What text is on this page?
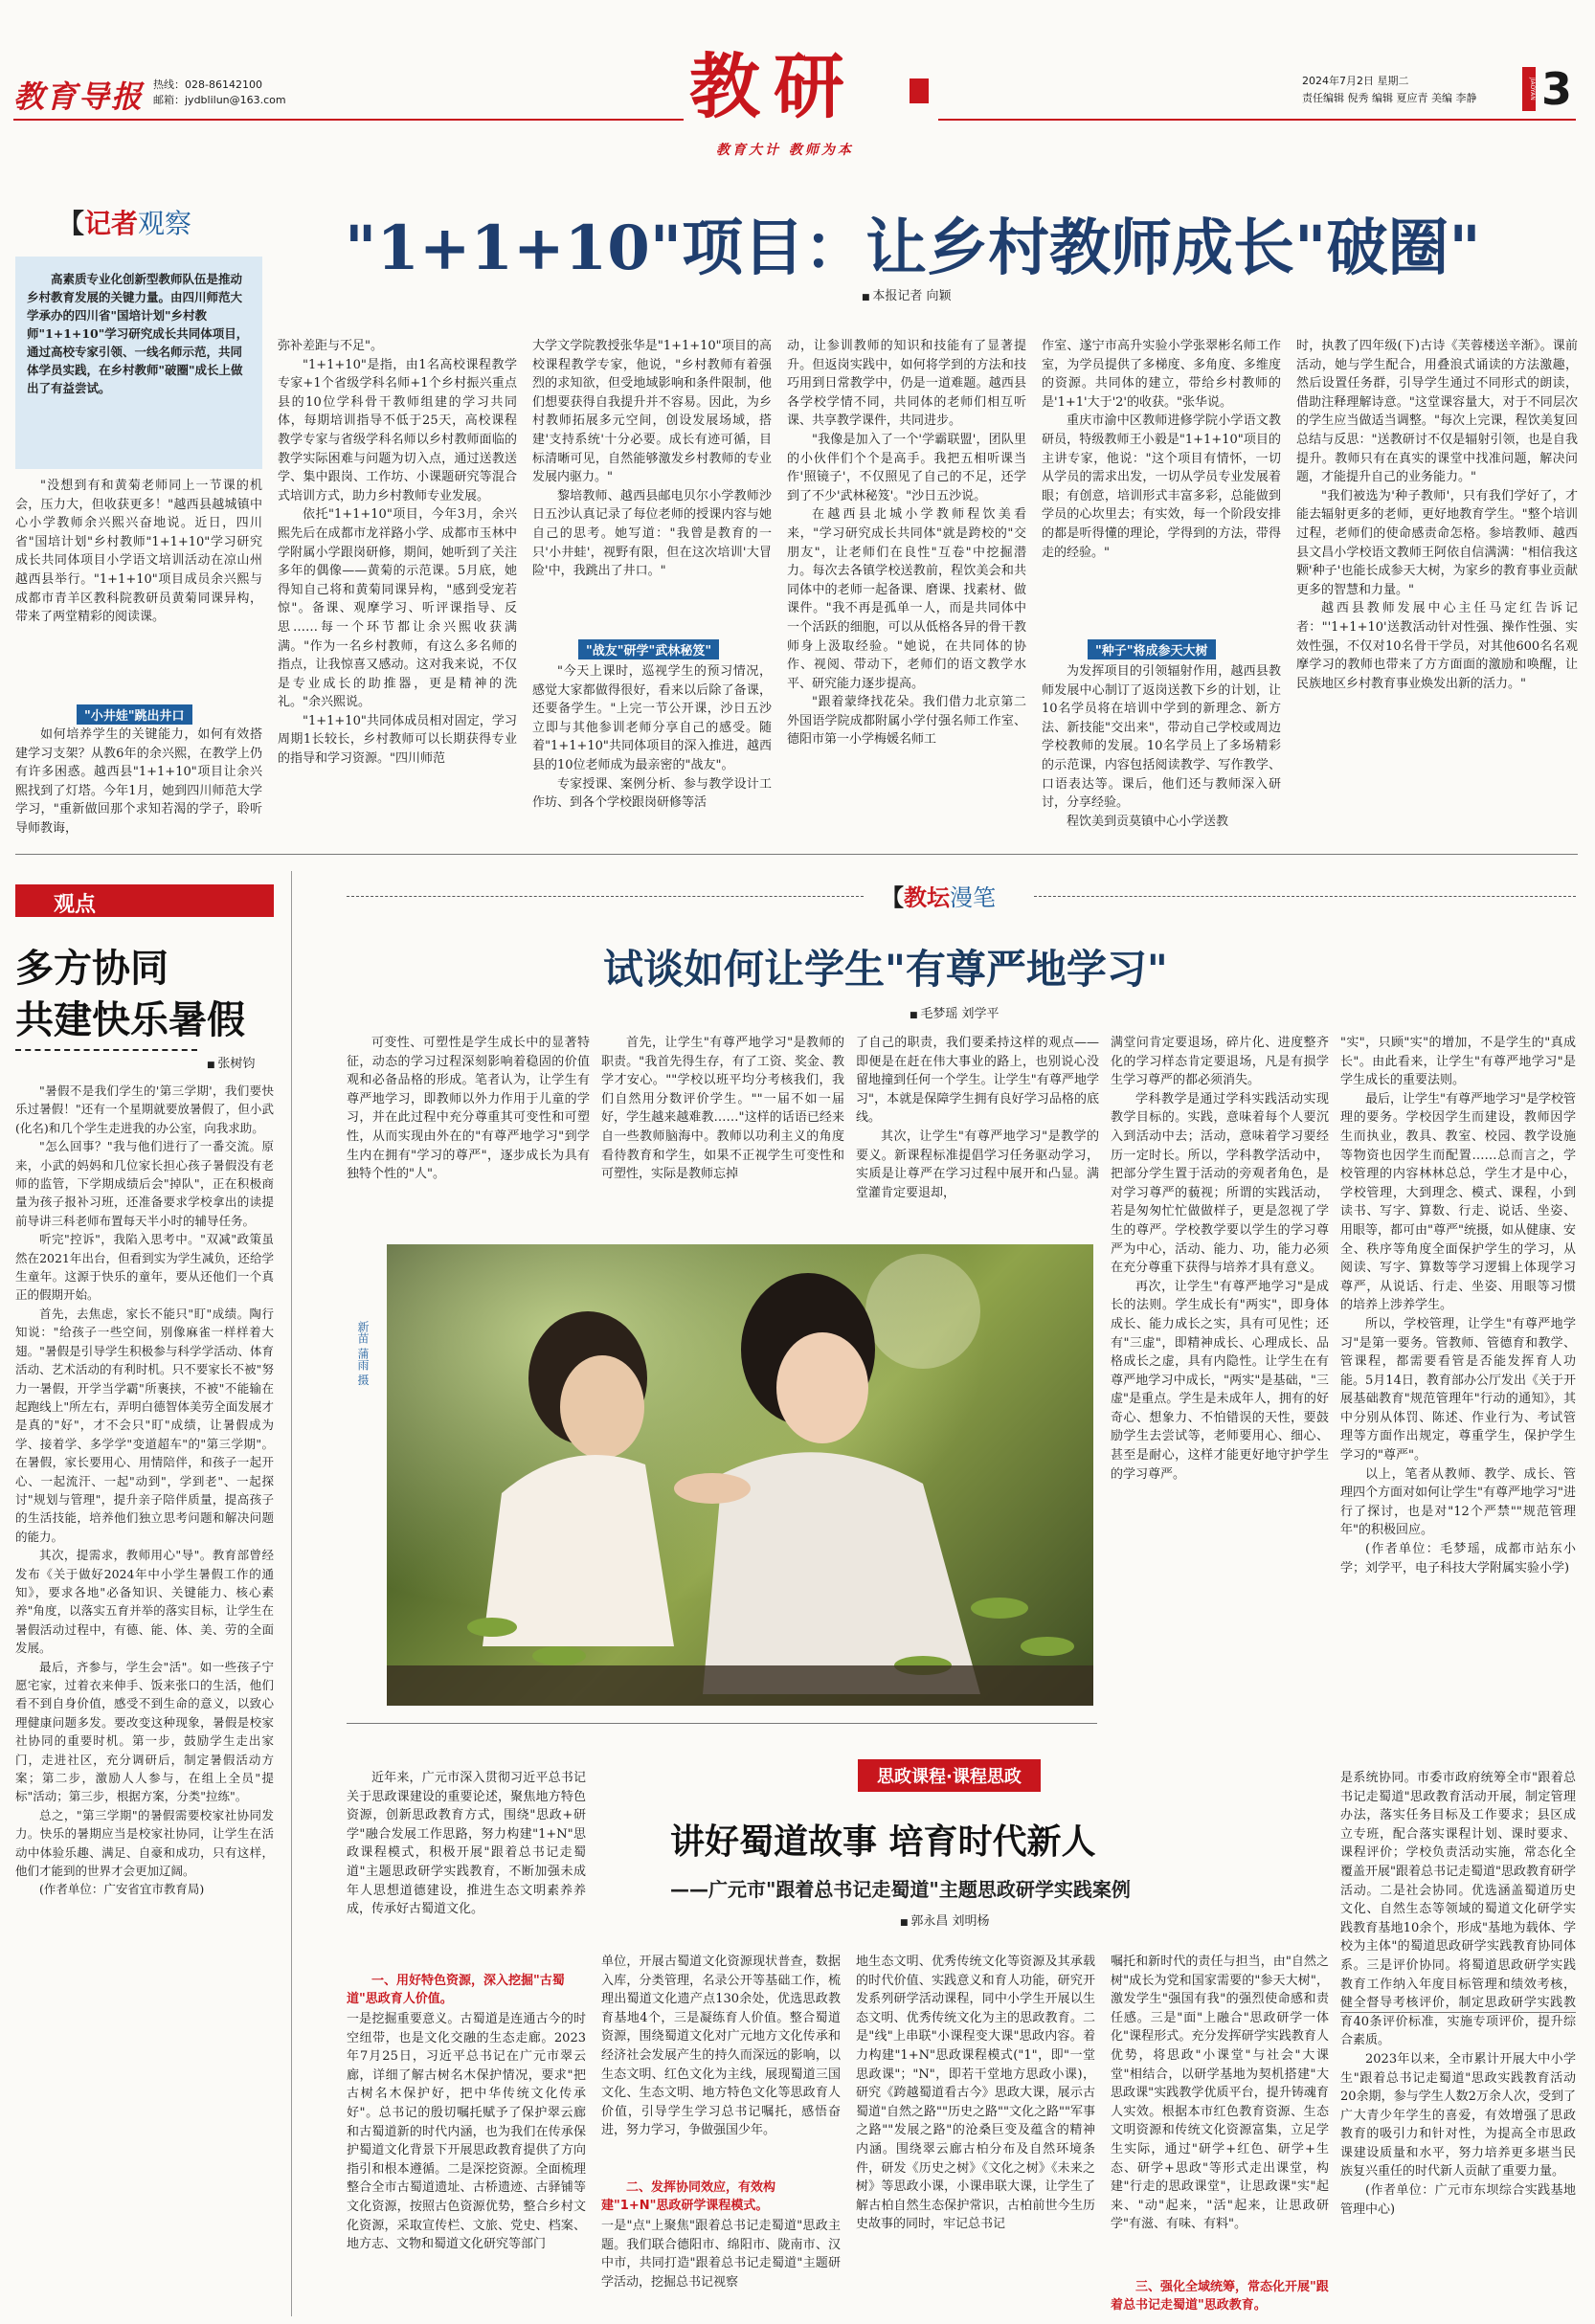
教育导报 热线：028-86142100
邮箱：jydblilun@163.com	教研
教育大计 教师为本
2024年7月2日 星期二
责任编辑 倪秀 编辑 夏应青 美编 李静	JIAOYAN 3
【记者观察
高素质专业化创新型教师队伍是推动乡村教育发展的关键力量。由四川师范大学承办的四川省"国培计划"乡村教师"1+1+10"学习研究成长共同体项目，通过高校专家引领、一线名师示范，共同体学员实践，在乡村教师"破圈"成长上做出了有益尝试。
"1+1+10"项目：让乡村教师成长"破圈"
■ 本报记者 向颖

"没想到有和黄菊老师同上一节课的机会，压力大，但收获更多！"越西县越城镇中心小学教师余兴熙兴奋地说。近日，四川省"国培计划"乡村教师"1+1+10"学习研究成长共同体项目小学语文培训活动在凉山州越西县举行。"1+1+10"项目成员余兴熙与成都市青羊区教科院教研员黄菊同课异构，带来了两堂精彩的阅读课。

"小井娃"跳出井口

如何培养学生的关键能力，如何有效搭建学习支架？从教6年的余兴熙，在教学上仍有许多困惑。越西县"1+1+10"项目让余兴熙找到了灯塔。今年1月，她到四川师范大学学习，"重新做回那个求知若渴的学子，聆听导师教诲，

弥补差距与不足"。

"1+1+10"是指，由1名高校课程教学专家+1个省级学科名师+1个乡村振兴重点县的10位学科骨干教师组建的学习共同体，每期培训指导不低于25天，高校课程教学专家与省级学科名师以乡村教师面临的教学实际困难与问题为切入点，通过送教送学、集中跟岗、工作坊、小课题研究等混合式培训方式，助力乡村教师专业发展。

依托"1+1+10"项目，今年3月，余兴熙先后在成都市龙祥路小学、成都市玉林中学附属小学跟岗研修，期间，她听到了关注多年的偶像——黄菊的示范课。5月底，她得知自己将和黄菊同课异构，"感到受宠若惊"。备课、观摩学习、听评课指导、反思……每一个环节都让余兴熙收获满满。"作为一名乡村教师，有这么多名师的指点，让我惊喜又感动。这对我来说，不仅是专业成长的助推器，更是精神的洗礼。"余兴熙说。

"1+1+10"共同体成员相对固定，学习周期1长较长，乡村教师可以长期获得专业的指导和学习资源。"四川师范

大学文学院教授张华是"1+1+10"项目的高校课程教学专家，他说，"乡村教师有着强烈的求知欲，但受地域影响和条件限制，他们想要获得自我提升并不容易。因此，为乡村教师拓展多元空间，创设发展场域，搭建'支持系统'十分必要。成长有迹可循，目标清晰可见，自然能够激发乡村教师的专业发展内驱力。"

黎培教师、越西县邮电贝尔小学教师沙日五沙认真记录了每位老师的授课内容与她自己的思考。她写道："我曾是教育的一只'小井蛙'，视野有限，但在这次培训'大冒险'中，我跳出了井口。"

"战友"研学"武林秘笈"

"今天上课时，巡视学生的预习情况，感觉大家都做得很好，看来以后除了备课，还要备学生。"上完一节公开课，沙日五沙立即与其他参训老师分享自己的感受。随着"1+1+10"共同体项目的深入推进，越西县的10位老师成为最亲密的"战友"。

专家授课、案例分析、参与教学设计工作坊、到各个学校跟岗研修等活

动，让参训教师的知识和技能有了显著提升。但返岗实践中，如何将学到的方法和技巧用到日常教学中，仍是一道难题。越西县各学校学情不同，共同体的老师们相互听课、共享教学课件，共同进步。

"我像是加入了一个'学霸联盟'，团队里的小伙伴们个个是高手。我把五相听课当作'照镜子'，不仅照见了自己的不足，还学到了不少'武林秘笈'。"沙日五沙说。

在越西县北城小学教师程饮美看来，"学习研究成长共同体"就是跨校的"交朋友"，让老师们在良性"互卷"中挖掘潜力。每次去各镇学校送教前，程饮美会和共同体中的老师一起备课、磨课、找素材、做课件。"我不再是孤单一人，而是共同体中一个活跃的细胞，可以从低格各异的骨干教师身上汲取经验。"她说，在共同体的协作、视阅、带动下，老师们的语文教学水平、研究能力逐步提高。

"跟着蒙绛找花朵。我们借力北京第二外国语学院成都附属小学付强名师工作室、德阳市第一小学梅媛名师工

作室、遂宁市高升实验小学张翠彬名师工作室，为学员提供了多梯度、多角度、多维度的资源。共同体的建立，带给乡村教师的是'1+1'大于'2'的收获。"张华说。

重庆市渝中区教师进修学院小学语文教研员，特级教师王小毅是"1+1+10"项目的主讲专家，他说："这个项目有情怀，一切从学员的需求出发，一切从学员专业发展着眼；有创意，培训形式丰富多彩，总能做到学员的心坎里去；有实效，每一个阶段安排的都是听得懂的理论，学得到的方法，带得走的经验。"

"种子"将成参天大树

为发挥项目的引领辐射作用，越西县教师发展中心制订了返岗送教下乡的计划，让10名学员将在培训中学到的新理念、新方法、新技能"交出来"，带动自己学校或周边学校教师的发展。10名学员上了多场精彩的示范课，内容包括阅读教学、写作教学、口语表达等。课后，他们还与教师深入研讨，分享经验。

程饮美到贡莫镇中心小学送教

时，执教了四年级(下)古诗《芙蓉楼送辛渐》。课前活动，她与学生配合，用叠浪式诵读的方法激趣，然后设置任务群，引导学生通过不同形式的朗读，借助注释理解诗意。"这堂课容量大，对于不同层次的学生应当做适当调整。"每次上完课，程饮美复回总结与反思："送教研讨不仅是辐射引领，也是自我提升。教师只有在真实的课堂中找准问题，解决问题，才能提升自己的业务能力。"

"我们被选为'种子教师'，只有我们学好了，才能去辐射更多的老师，更好地教育学生。"整个培训过程，老师们的使命感责命怎格。参培教师、越西县文昌小学校语文教师王阿依自信满满："相信我这颗'种子'也能长成参天大树，为家乡的教育事业贡献更多的智慧和力量。"

越西县教师发展中心主任马定红告诉记者："'1+1+10'送教活动针对性强、操作性强、实效性强，不仅对10名骨干学员，对其他600名名观摩学习的教师也带来了方方面面的激励和唤醒，让民族地区乡村教育事业焕发出新的活力。"

观点
多方协同
共建快乐暑假
■ 张树钧

"暑假不是我们学生的'第三学期'，我们要快乐过暑假！"还有一个星期就要放暑假了，但小武(化名)和几个学生走进我的办公室，向我求助。

"怎么回事？"我与他们进行了一番交流。原来，小武的妈妈和几位家长担心孩子暑假没有老师的监管，下学期成绩后会"掉队"，正在积极商量为孩子报补习班，还准备要求学校拿出的读提前导讲三科老师布置每天半小时的辅导任务。

听完"控诉"，我陷入思考中。"双减"政策虽然在2021年出台，但看到实为学生减负，还给学生童年。这源于快乐的童年，要从还他们一个真正的假期开始。

首先，去焦虑，家长不能只"盯"成绩。陶行知说："给孩子一些空间，别像麻雀一样样着大翅。"暑假是引导学生积极参与科学学活动、体育活动、艺术活动的有利时机。只不要家长不被"努力一暑假，开学当学霸"所裹挟，不被"不能输在起跑线上"所左右，弄明白德智体美劳全面发展才是真的"好"，才不会只"盯"成绩，让暑假成为学、接着学、多学学"变道超车"的"第三学期"。在暑假，家长要用心、用情陪伴，和孩子一起开心、一起流汗、一起"动到"，学到老"、一起探讨"规划与管理"，提升亲子陪伴质量，提高孩子的生活技能，培养他们独立思考问题和解决问题的能力。

其次，提需求，教师用心"导"。教育部曾经发布《关于做好2024年中小学生暑假工作的通知》，要求各地"必备知识、关键能力、核心素养"角度，以落实五育并举的落实目标，让学生在暑假活动过程中，有德、能、体、美、劳的全面发展。

最后，齐参与，学生会"活"。如一些孩子宁愿宅家，过着衣来伸手、饭来张口的生活，他们看不到自身价值，感受不到生命的意义，以致心理健康问题多发。要改变这种现象，暑假是校家社协同的重要时机。第一步，鼓励学生走出家门，走进社区，充分调研后，制定暑假活动方案；第二步，激励人人参与，在组上全员"提标"活动；第三步，根据方案，分类"拉练"。

总之，"第三学期"的暑假需要校家社协同发力。快乐的暑期应当是校家社协同，让学生在活动中体验乐趣、满足、自豪和成功，只有这样，他们才能到的世界才会更加辽阔。

(作者单位：广安省宜市教育局)

【教坛漫笔
试谈如何让学生"有尊严地学习"
■ 毛梦瑶 刘学平

可变性、可塑性是学生成长中的显著特征，动态的学习过程深刻影响着稳固的价值观和必备品格的形成。笔者认为，让学生有尊严地学习，即教师以外力作用于儿童的学习，并在此过程中充分尊重其可变性和可塑性，从而实现由外在的"有尊严地学习"到学生内在拥有"学习的尊严"，逐步成长为具有独特个性的"人"。

首先，让学生"有尊严地学习"是教师的职责。"我首先得生存，有了工资、奖金、教学才安心。""学校以班平均分考核我们，我们自然用分数评价学生。""一届不如一届好，学生越来越难教……"这样的话语已经来自一些教师脑海中。教师以功利主义的角度看待教育和学生，如果不正视学生可变性和可塑性，实际是教师忘掉

了自己的职责，我们要柔持这样的观点——即便是在赶在伟大事业的路上，也别说心没留地撞到任何一个学生。让学生"有尊严地学习"，本就是保障学生拥有良好学习品格的底线。

其次，让学生"有尊严地学习"是教学的要义。新课程标准提倡学习任务驱动学习，实质是让尊严在学习过程中展开和凸显。满堂灌肯定要退却，

新苗 蒲雨 摄

满堂问肯定要退场，碎片化、进度整齐化的学习样态肯定要退场，凡是有损学生学习尊严的都必须消失。

学科教学是通过学科实践活动实现教学目标的。实践，意味着每个人要沉入到活动中去；活动，意味着学习要经历一定时长。所以，学科教学活动中，把部分学生置于活动的旁观者角色，是对学习尊严的藐视；所谓的实践活动，若是匆匆忙忙做做样子，更是忽视了学生的尊严。学校教学要以学生的学习尊严为中心，活动、能力、功，能力必须在充分尊重下获得与培养才具有意义。

再次，让学生"有尊严地学习"是成长的法则。学生成长有"两实"，即身体成长、能力成长之实，具有可见性；还有"三虚"，即精神成长、心理成长、品格成长之虚，具有内隐性。让学生在有尊严地学习中成长，"两实"是基础，"三虚"是重点。学生是未成年人，拥有的好奇心、想象力、不怕错误的天性，要鼓励学生去尝试等，老师要用心、细心、甚至是耐心，这样才能更好地守护学生的学习尊严。

"实"，只顾"实"的增加，不是学生的"真成长"。由此看来，让学生"有尊严地学习"是学生成长的重要法则。

最后，让学生"有尊严地学习"是学校管理的要务。学校因学生而建设，教师因学生而执业，教具、教室、校园、教学设施等物资也因学生而配置……总而言之，学校管理的内容林林总总，学生才是中心，学校管理，大到理念、模式、课程，小到读书、写字、算数、行走、说话、坐姿、用眼等，都可由"尊严"统摄，如从健康、安全、秩序等角度全面保护学生的学习，从阅读、写字、算数等学习逻辑上体现学习尊严，从说话、行走、坐姿、用眼等习惯的培养上涉养学生。

所以，学校管理，让学生"有尊严地学习"是第一要务。管教师、管德育和教学、管课程，都需要看管是否能发挥育人功能。5月14日，教育部办公厅发出《关于开展基础教育"规范管理年"行动的通知》，其中分别从体罚、陈述、作业行为、考试管理等方面作出规定，尊重学生，保护学生学习的"尊严"。

以上，笔者从教师、教学、成长、管理四个方面对如何让学生"有尊严地学习"进行了探讨，也是对"12个严禁""规范管理年"的积极回应。

(作者单位：毛梦瑶，成都市站东小学；刘学平，电子科技大学附属实验小学)

思政课程·课程思政
讲好蜀道故事 培育时代新人
——广元市"跟着总书记走蜀道"主题思政研学实践案例
■ 郭永昌 刘明杨

近年来，广元市深入贯彻习近平总书记关于思政课建设的重要论述，聚焦地方特色资源，创新思政教育方式，围绕"思政+研学"融合发展工作思路，努力构建"1+N"思政课程模式，积极开展"跟着总书记走蜀道"主题思政研学实践教育，不断加强未成年人思想道德建设，推进生态文明素养养成，传承好古蜀道文化。

一、用好特色资源，深入挖掘"古蜀道"思政育人价值。

一是挖掘重要意义。古蜀道是连通古今的时空纽带，也是文化交融的生态走廊。2023年7月25日，习近平总书记在广元市翠云廊，详细了解古树名木保护情况，要求"把古树名木保护好，把中华传统文化传承好"。总书记的殷切嘱托赋予了保护翠云廊和古蜀道新的时代内涵，也为我们在传承保护蜀道文化背景下开展思政教育提供了方向指引和根本遵循。二是深挖资源。全面梳理整合全市古蜀道遗址、古桥遗迹、古驿铺等文化资源，按照古色资源优势，整合乡村文化资源，采取宣传栏、文旅、党史、档案、地方志、文物和蜀道文化研究等部门

单位，开展古蜀道文化资源现状普查，数据入库，分类管理，名录公开等基础工作，梳理出蜀道文化遗产点130余处，优选思政教育基地4个，三是凝练育人价值。整合蜀道资源，围绕蜀道文化对广元地方文化传承和经济社会发展产生的持久而深远的影响，以生态文明、红色文化为主线，展现蜀道三国文化、生态文明、地方特色文化等思政育人价值，引导学生学习总书记嘱托，感悟奋进，努力学习，争做强国少年。

二、发挥协同效应，有效构建"1+N"思政研学课程模式。

一是"点"上聚焦"跟着总书记走蜀道"思政主题。我们联合德阳市、绵阳市、陇南市、汉中市，共同打造"跟着总书记走蜀道"主题研学活动，挖掘总书记视察

地生态文明、优秀传统文化等资源及其承载的时代价值、实践意义和育人功能，研究开发系列研学活动课程，同中小学生开展以生态文明、优秀传统文化为主的思政教育。二是"线"上串联"小课程变大课"思政内容。着力构建"1+N"思政课程模式("1"，即"一堂思政课"；"N"，即若干堂地方思政小课)，研究《跨越蜀道看古今》思政大课，展示古蜀道"自然之路""历史之路""文化之路""军事之路""发展之路"的沧桑巨变及蕴含的精神内涵。围绕翠云廊古柏分布及自然环境条件，研发《历史之树》《文化之树》《未来之树》等思政小课，小课串联大课，让学生了解古柏自然生态保护常识，古柏前世今生历史故事的同时，牢记总书记

嘱托和新时代的责任与担当，由"自然之树"成长为党和国家需要的"参天大树"，激发学生"强国有我"的强烈使命感和责任感。三是"面"上融合"思政研学一体化"课程形式。充分发挥研学实践教育人优势，将思政"小课堂"与社会"大课堂"相结合，以研学基地为契机搭建"大思政课"实践教学优质平台，提升铸魂育人实效。根据本市红色教育资源、生态文明资源和传统文化资源富集，立足学生实际，通过"研学+红色、研学+生态、研学+思政"等形式走出课堂，构建"行走的思政课堂"，让思政课"实"起来、"动"起来，"活"起来，让思政研学"有滋、有味、有料"。

三、强化全域统筹，常态化开展"跟着总书记走蜀道"思政教育。

是系统协同。市委市政府统筹全市"跟着总书记走蜀道"思政教育活动开展，制定管理办法，落实任务目标及工作要求；县区成立专班，配合落实课程计划、课时要求、课程评价；学校负责活动实施，常态化全覆盖开展"跟着总书记走蜀道"思政教育研学活动。二是社会协同。优选涵盖蜀道历史文化、自然生态等领域的蜀道文化研学实践教育基地10余个，形成"基地为载体、学校为主体"的蜀道思政研学实践教育协同体系。三是评价协同。将蜀道思政研学实践教育工作纳入年度目标管理和绩效考核，健全督导考核评价，制定思政研学实践教育40条评价标准，实施专项评价，提升综合素质。

2023年以来，全市累计开展大中小学生"跟着总书记走蜀道"思政实践教育活动20余期，参与学生人数2万余人次，受到了广大青少年学生的喜爱，有效增强了思政教育的吸引力和针对性，为提高全市思政课建设质量和水平，努力培养更多堪当民族复兴重任的时代新人贡献了重要力量。

(作者单位：广元市东坝综合实践基地管理中心)
